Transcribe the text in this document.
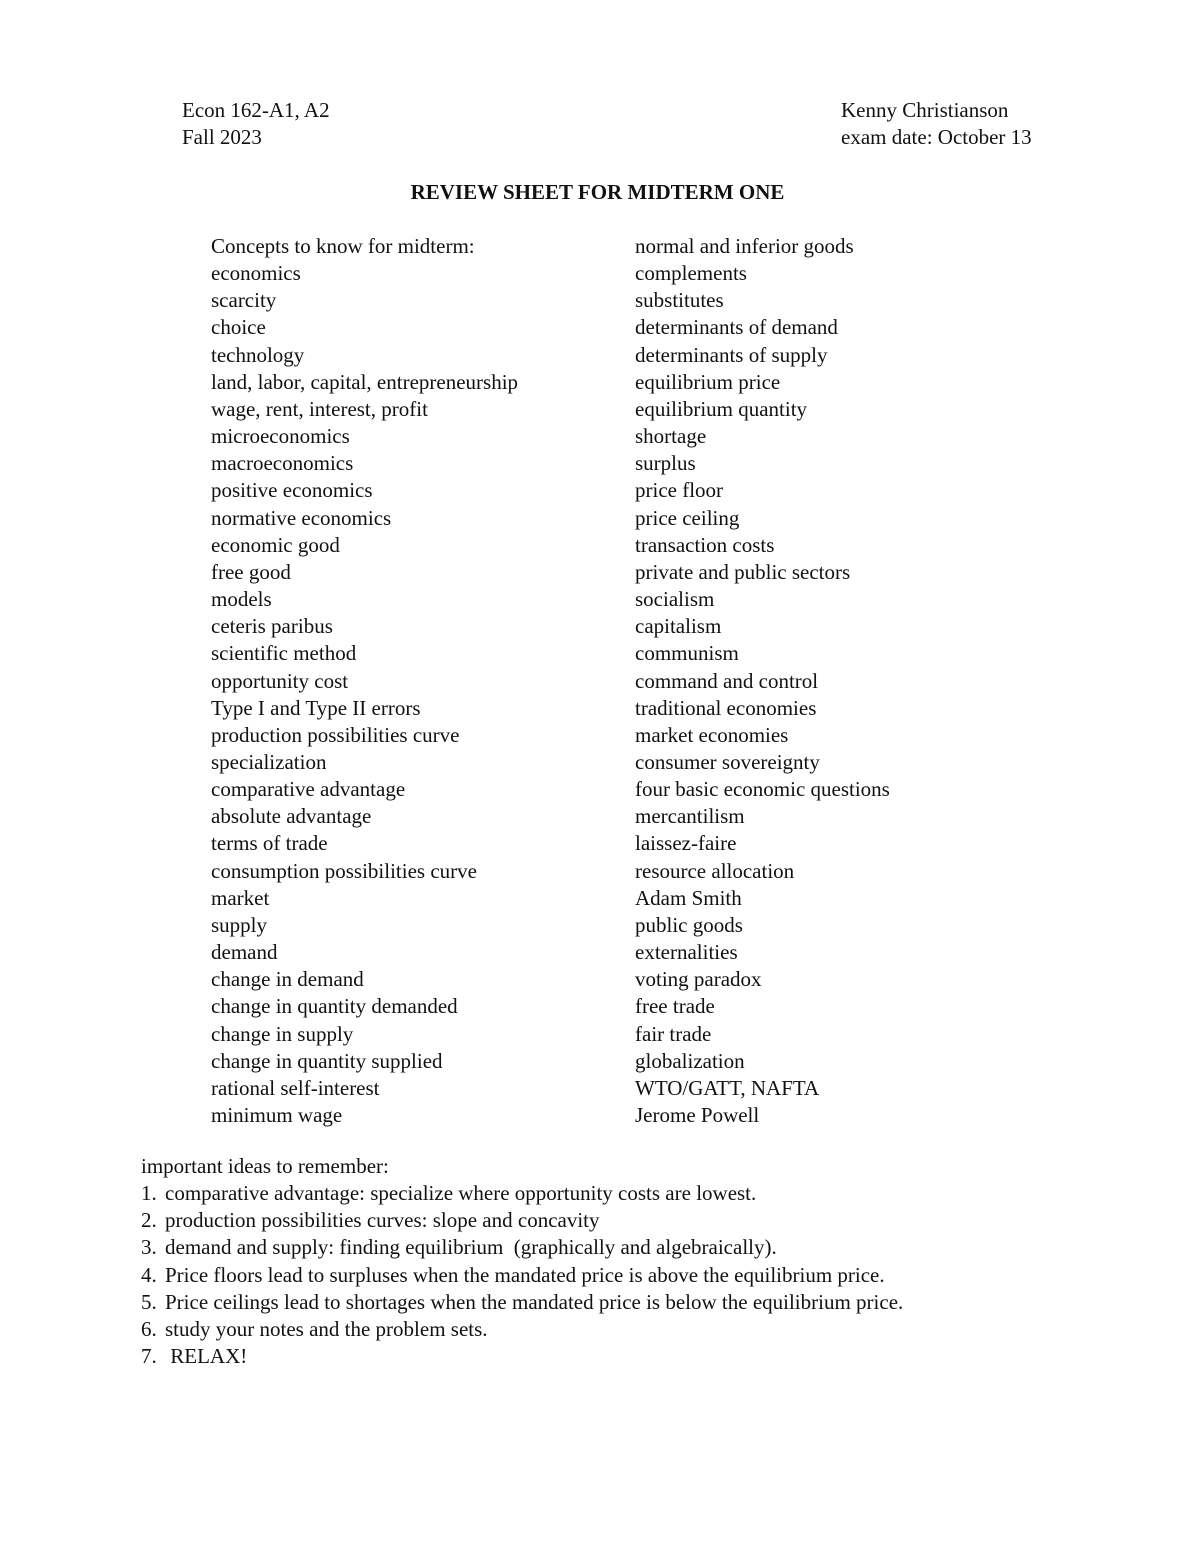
Econ 162-A1, A2
Fall 2023
Kenny Christianson
exam date: October 13
REVIEW SHEET FOR MIDTERM ONE
Concepts to know for midterm:
economics
scarcity
choice
technology
land, labor, capital, entrepreneurship
wage, rent, interest, profit
microeconomics
macroeconomics
positive economics
normative economics
economic good
free good
models
ceteris paribus
scientific method
opportunity cost
Type I and Type II errors
production possibilities curve
specialization
comparative advantage
absolute advantage
terms of trade
consumption possibilities curve
market
supply
demand
change in demand
change in quantity demanded
change in supply
change in quantity supplied
rational self-interest
minimum wage
normal and inferior goods
complements
substitutes
determinants of demand
determinants of supply
equilibrium price
equilibrium quantity
shortage
surplus
price floor
price ceiling
transaction costs
private and public sectors
socialism
capitalism
communism
command and control
traditional economies
market economies
consumer sovereignty
four basic economic questions
mercantilism
laissez-faire
resource allocation
Adam Smith
public goods
externalities
voting paradox
free trade
fair trade
globalization
WTO/GATT, NAFTA
Jerome Powell
important ideas to remember:
1. comparative advantage: specialize where opportunity costs are lowest.
2. production possibilities curves: slope and concavity
3. demand and supply: finding equilibrium  (graphically and algebraically).
4. Price floors lead to surpluses when the mandated price is above the equilibrium price.
5. Price ceilings lead to shortages when the mandated price is below the equilibrium price.
6. study your notes and the problem sets.
7. RELAX!
